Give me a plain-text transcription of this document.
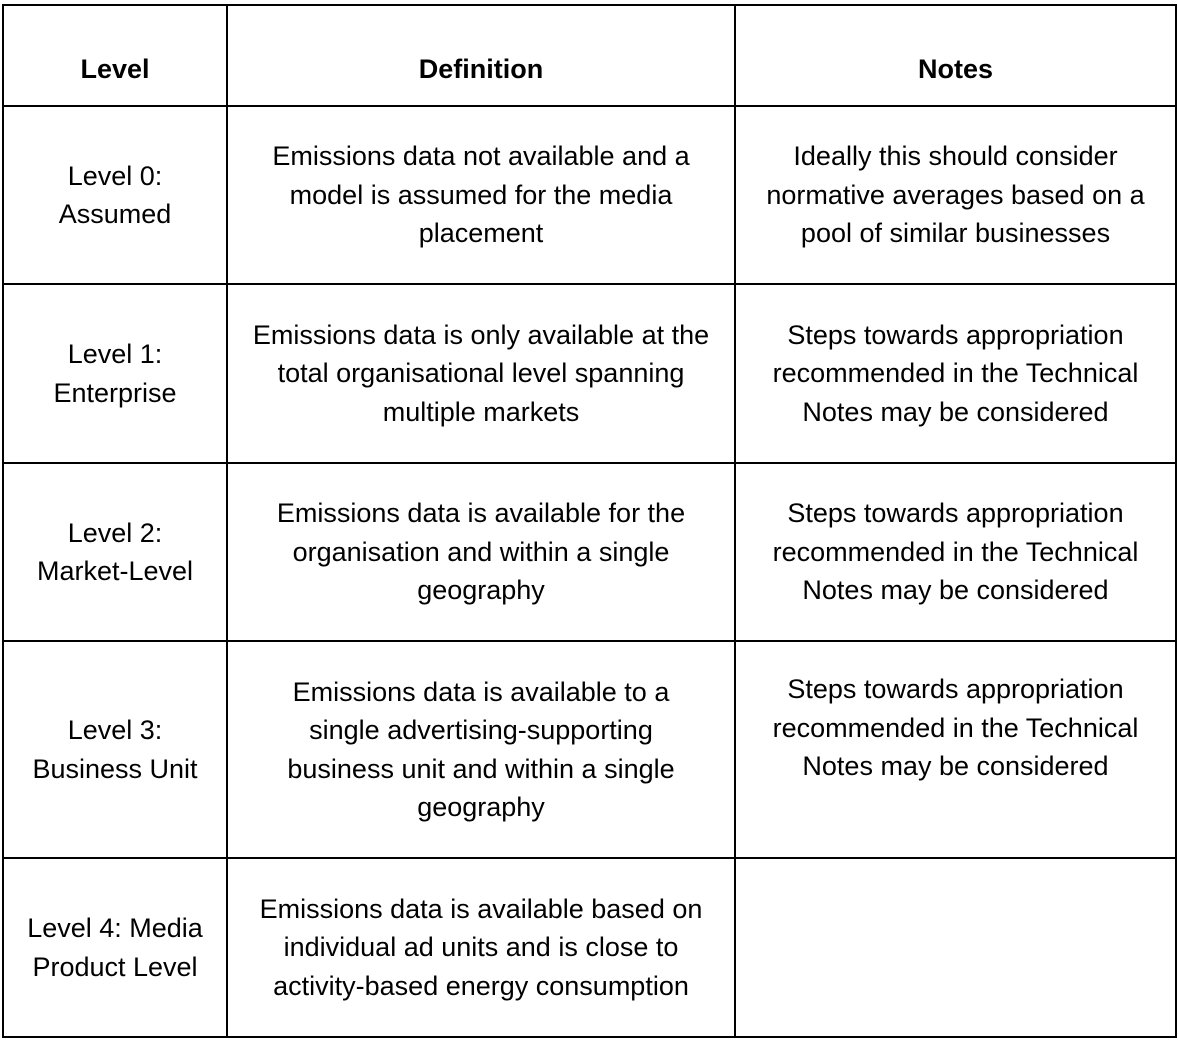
Level	Definition	Notes
Level 0: Assumed	Emissions data not available and a model is assumed for the media placement	Ideally this should consider normative averages based on a pool of similar businesses
Level 1: Enterprise	Emissions data is only available at the total organisational level spanning multiple markets	Steps towards appropriation recommended in the Technical Notes may be considered
Level 2: Market-Level	Emissions data is available for the organisation and within a single geography	Steps towards appropriation recommended in the Technical Notes may be considered
Level 3: Business Unit	Emissions data is available to a single advertising-supporting business unit and within a single geography	Steps towards appropriation recommended in the Technical Notes may be considered
Level 4: Media Product Level	Emissions data is available based on individual ad units and is close to activity-based energy consumption	
